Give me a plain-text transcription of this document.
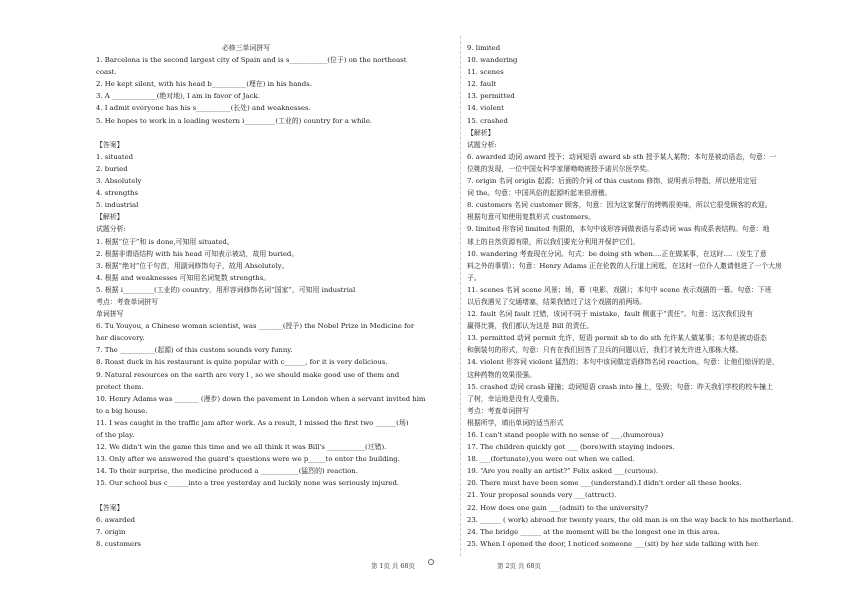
必修三单词拼写
1. Barcelona is the second largest city of Spain and is s___________(位于) on the northeast
coast.
2. He kept silent, with his head b__________(埋在) in his hands.
3. A _____________(绝对地), I am in favor of Jack.
4. I admit everyone has his s__________(长处) and weaknesses.
5. He hopes to work in a leading western i_________(工业的) country for a while.
【答案】
1. situated
2. buried
3. Absolutely
4. strengths
5. industrial
【解析】
试题分析:
1. 根据“位于”和 is done,可知用 situated。
2. 根据非谓语结构 with his head 可知表示被动，故用 buried。
3. 根据“绝对”位于句首，用副词修饰句子，故用 Absolutely。
4. 根据 and weaknesses 可知用名词复数 strengths。
5. 根据 i_________(工业的) country，用形容词修饰名词“国家”，可知用 industrial
考点：考查单词拼写
单词拼写
6. Tu Youyou, a Chinese woman scientist, was _______(授予) the Nobel Prize in Medicine for
her discovery.
7. The __________(起源) of this custom sounds very funny.
8. Roast duck in his restaurant is quite popular with c______, for it is very delicious.
9. Natural resources on the earth are very l , so we should make good use of them and
protect them.
10. Henry Adams was _______ (漫步) down the pavement in London when a servant invited him
to a big house.
11. I was caught in the traffic jam after work. As a result, I missed the first two ______(场)
of the play.
12. We didn't win the game this time and we all think it was Bill's ___________(过错).
13. Only after we answered the guard's questions were we p_____to enter the building.
14. To their surprise, the medicine produced a ___________(猛烈的) reaction.
15. Our school bus c______into a tree yesterday and luckily none was seriously injured.
【答案】
6. awarded
7. origin
8. customers
第 1页 共 68页
9. limited
10. wandering
11. scenes
12. fault
13. permitted
14. violent
15. crashed
【解析】
试题分析:
6. awarded 动词 award 授予；动词短语 award sb sth 授予某人某物；本句是被动语态，句意：一
位姚的发现，一位中国女科学家屠呦呦被授予诺贝尔医学奖。
7. origin 名词 origin 起源；后面的介词 of this custom 修饰，说明表示特指，所以使用定冠
词 the。句意：中国风俗的起源听起来很滑稽。
8. customers 名词 customer 顾客，句意：因为这家餐厅的烤鸭很美味，所以它很受顾客的欢迎。
根据句意可知使用复数形式 customers。
9. limited 形容词 limited 有限的，本句中该形容词做表语与系动词 was 构成系表结构。句意：地
球上的自然资源有限，所以我们要充分利用并保护它们。
10. wandering 考查现在分词。句式：be doing sth when....正在做某事，在这时....（发生了意
料之外的事情）；句意：Henry Adams 正在伦敦的人行道上闲逛，在这时一位仆人邀请他进了一个大房
子。
11. scenes 名词 scene 风景；场，幕（电影，戏剧）；本句中 scene 表示戏剧的一幕。句意：下班
以后我遇见了交通堵塞，结果我错过了这个戏剧的前两场。
12. fault 名词 fault 过错，该词不同于 mistake，fault 侧重于“责任”。句意：这次我们没有
赢得比赛，我们都认为这是 Bill 的责任。
13. permitted 动词 permit 允许，短语 permit sb to do sth 允许某人做某事；本句是被动语态
和倒装句的形式，句意：只有在我们回答了卫兵的问题以后，我们才被允许进入那栋大楼。
14. violent 形容词 violent 猛烈的；本句中该词做定语修饰名词 reaction。句意：让他们惊讶的是，
这种药物的效果很强。
15. crashed 动词 crash 碰撞；动词短语 crash into 撞上，坠毁；句意：昨天我们学校的校车撞上
了树，幸运地是没有人受重伤。
考点：考查单词拼写
根据所学，填出单词的适当形式
16. I can't stand people with no sense of ___.(humorous)
17. The children quickly got ___ (bore)with staying indoors.
18. ___(fortunate),you were out when we called.
19. “Are you really an artist?” Felix asked ___(curious).
20. There must have been some ___(understand).I didn't order all these books.
21. Your proposal sounds very ___(attract).
22. How does one gain ___(admit) to the university?
23. ______ ( work) abroad for twenty years, the old man is on the way back to his motherland.
24. The bridge ______ at the moment will be the longest one in this area.
25. When I opened the door, I noticed someone ___(sit) by her side talking with her.
第 2页 共 68页
